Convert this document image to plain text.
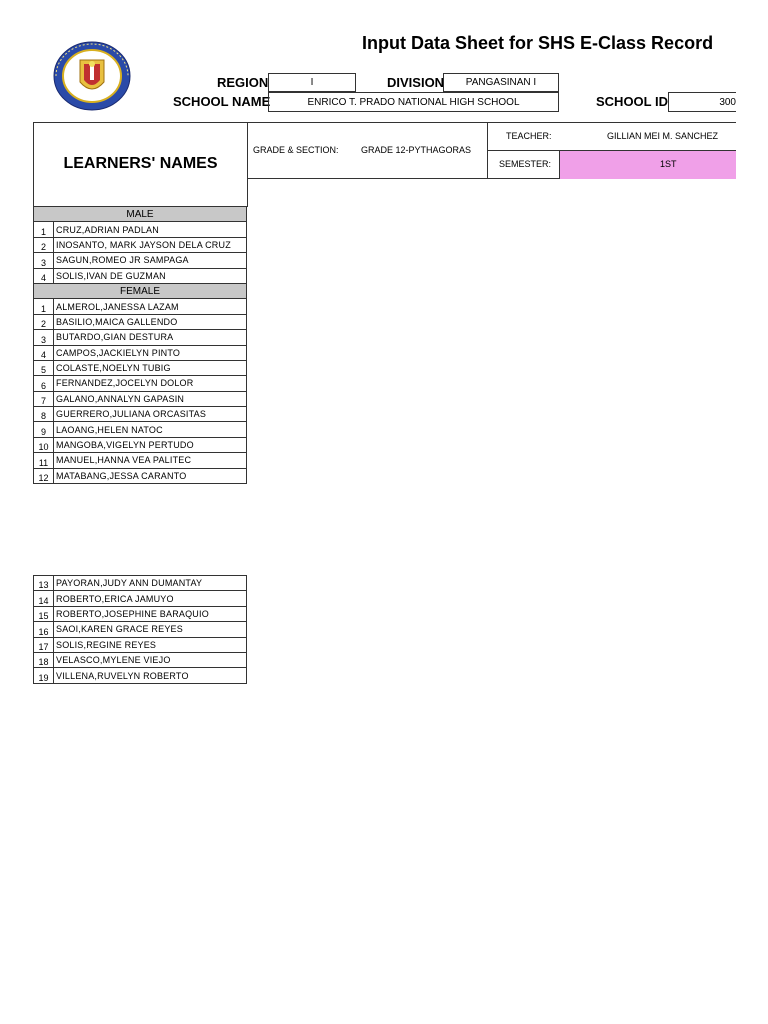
Input Data Sheet for SHS E-Class Record
REGION	I	DIVISION	PANGASINAN I
SCHOOL NAME	ENRICO T. PRADO NATIONAL HIGH SCHOOL	SCHOOL ID	300
LEARNERS' NAMES
GRADE & SECTION: GRADE 12-PYTHAGORAS
TEACHER:	GILLIAN MEI M. SANCHEZ
SEMESTER:	1ST
MALE	
1	CRUZ,ADRIAN PADLAN
2	INOSANTO, MARK JAYSON DELA CRUZ
3	SAGUN,ROMEO JR SAMPAGA
4	SOLIS,IVAN DE GUZMAN
FEMALE	
1	ALMEROL,JANESSA LAZAM
2	BASILIO,MAICA GALLENDO
3	BUTARDO,GIAN DESTURA
4	CAMPOS,JACKIELYN PINTO
5	COLASTE,NOELYN TUBIG
6	FERNANDEZ,JOCELYN DOLOR
7	GALANO,ANNALYN GAPASIN
8	GUERRERO,JULIANA ORCASITAS
9	LAOANG,HELEN NATOC
10	MANGOBA,VIGELYN PERTUDO
11	MANUEL,HANNA VEA PALITEC
12	MATABANG,JESSA CARANTO
13	PAYORAN,JUDY ANN DUMANTAY
14	ROBERTO,ERICA JAMUYO
15	ROBERTO,JOSEPHINE BARAQUIO
16	SAOI,KAREN GRACE REYES
17	SOLIS,REGINE REYES
18	VELASCO,MYLENE VIEJO
19	VILLENA,RUVELYN ROBERTO
